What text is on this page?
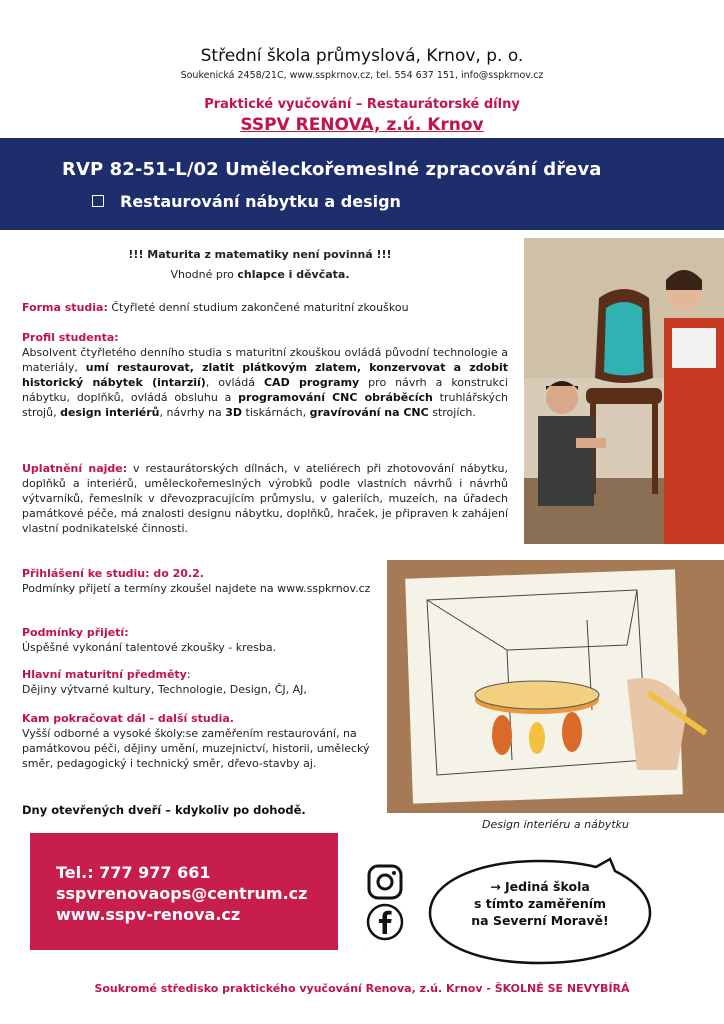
Střední škola průmyslová, Krnov, p. o.
Soukenická 2458/21C, www.sspkrnov.cz, tel. 554 637 151, info@sspkrnov.cz
Praktické vyučování – Restaurátorské dílny
SSPV RENOVA, z.ú. Krnov
RVP 82-51-L/02 Uměleckořemeslné zpracování dřeva
Restaurování nábytku a design
!!! Maturita z matematiky není povinná !!!
Vhodné pro chlapce i děvčata.
Forma studia: Čtyřleté denní studium zakončené maturitní zkouškou
Profil studenta:
Absolvent čtyřletého denního studia s maturitní zkouškou ovládá původní technologie a materiály, umí restaurovat, zlatit plátkovým zlatem, konzervovat a zdobit historický nábytek (intarzií), ovládá CAD programy pro návrh a konstrukci nábytku, doplňků, ovládá obsluhu a programování CNC obráběcích truhlářských strojů, design interiérů, návrhy na 3D tiskárnách, gravírování na CNC strojích.
Uplatnění najde: v restaurátorských dílnách, v ateliérech při zhotovování nábytku, doplňků a interiérů, uměleckořemeslných výrobků podle vlastních návrhů i návrhů výtvarníků, řemeslník v dřevozpracujícím průmyslu, v galeriích, muzeích, na úřadech památkové péče, má znalosti designu nábytku, doplňků, hraček, je připraven k zahájení vlastní podnikatelské činnosti.
Přihlášení ke studiu: do 20.2.
Podmínky přijetí a termíny zkoušel najdete na www.sspkrnov.cz
Podmínky přijetí:
Úspěšné vykonání talentové zkoušky - kresba.
Hlavní maturitní předměty:
Dějiny výtvarné kultury, Technologie, Design, ČJ, AJ,
Kam pokračovat dál - další studia.
Vyšší odborné a vysoké školy:se zaměřením restaurování, na památkovou péči, dějiny umění, muzejnictví, historii, umělecký směr, pedagogický i technický směr, dřevo-stavby aj.
Dny otevřených dveří – kdykoliv po dohodě.
Design interiéru a nábytku
Tel.: 777 977 661
sspvrenovaops@centrum.cz
www.sspv-renova.cz
→ Jediná škola
s tímto zaměřením
na Severní Moravě!
Soukromé středisko praktického vyučování Renova, z.ú. Krnov - ŠKOLNÉ SE NEVYBÍRÁ
